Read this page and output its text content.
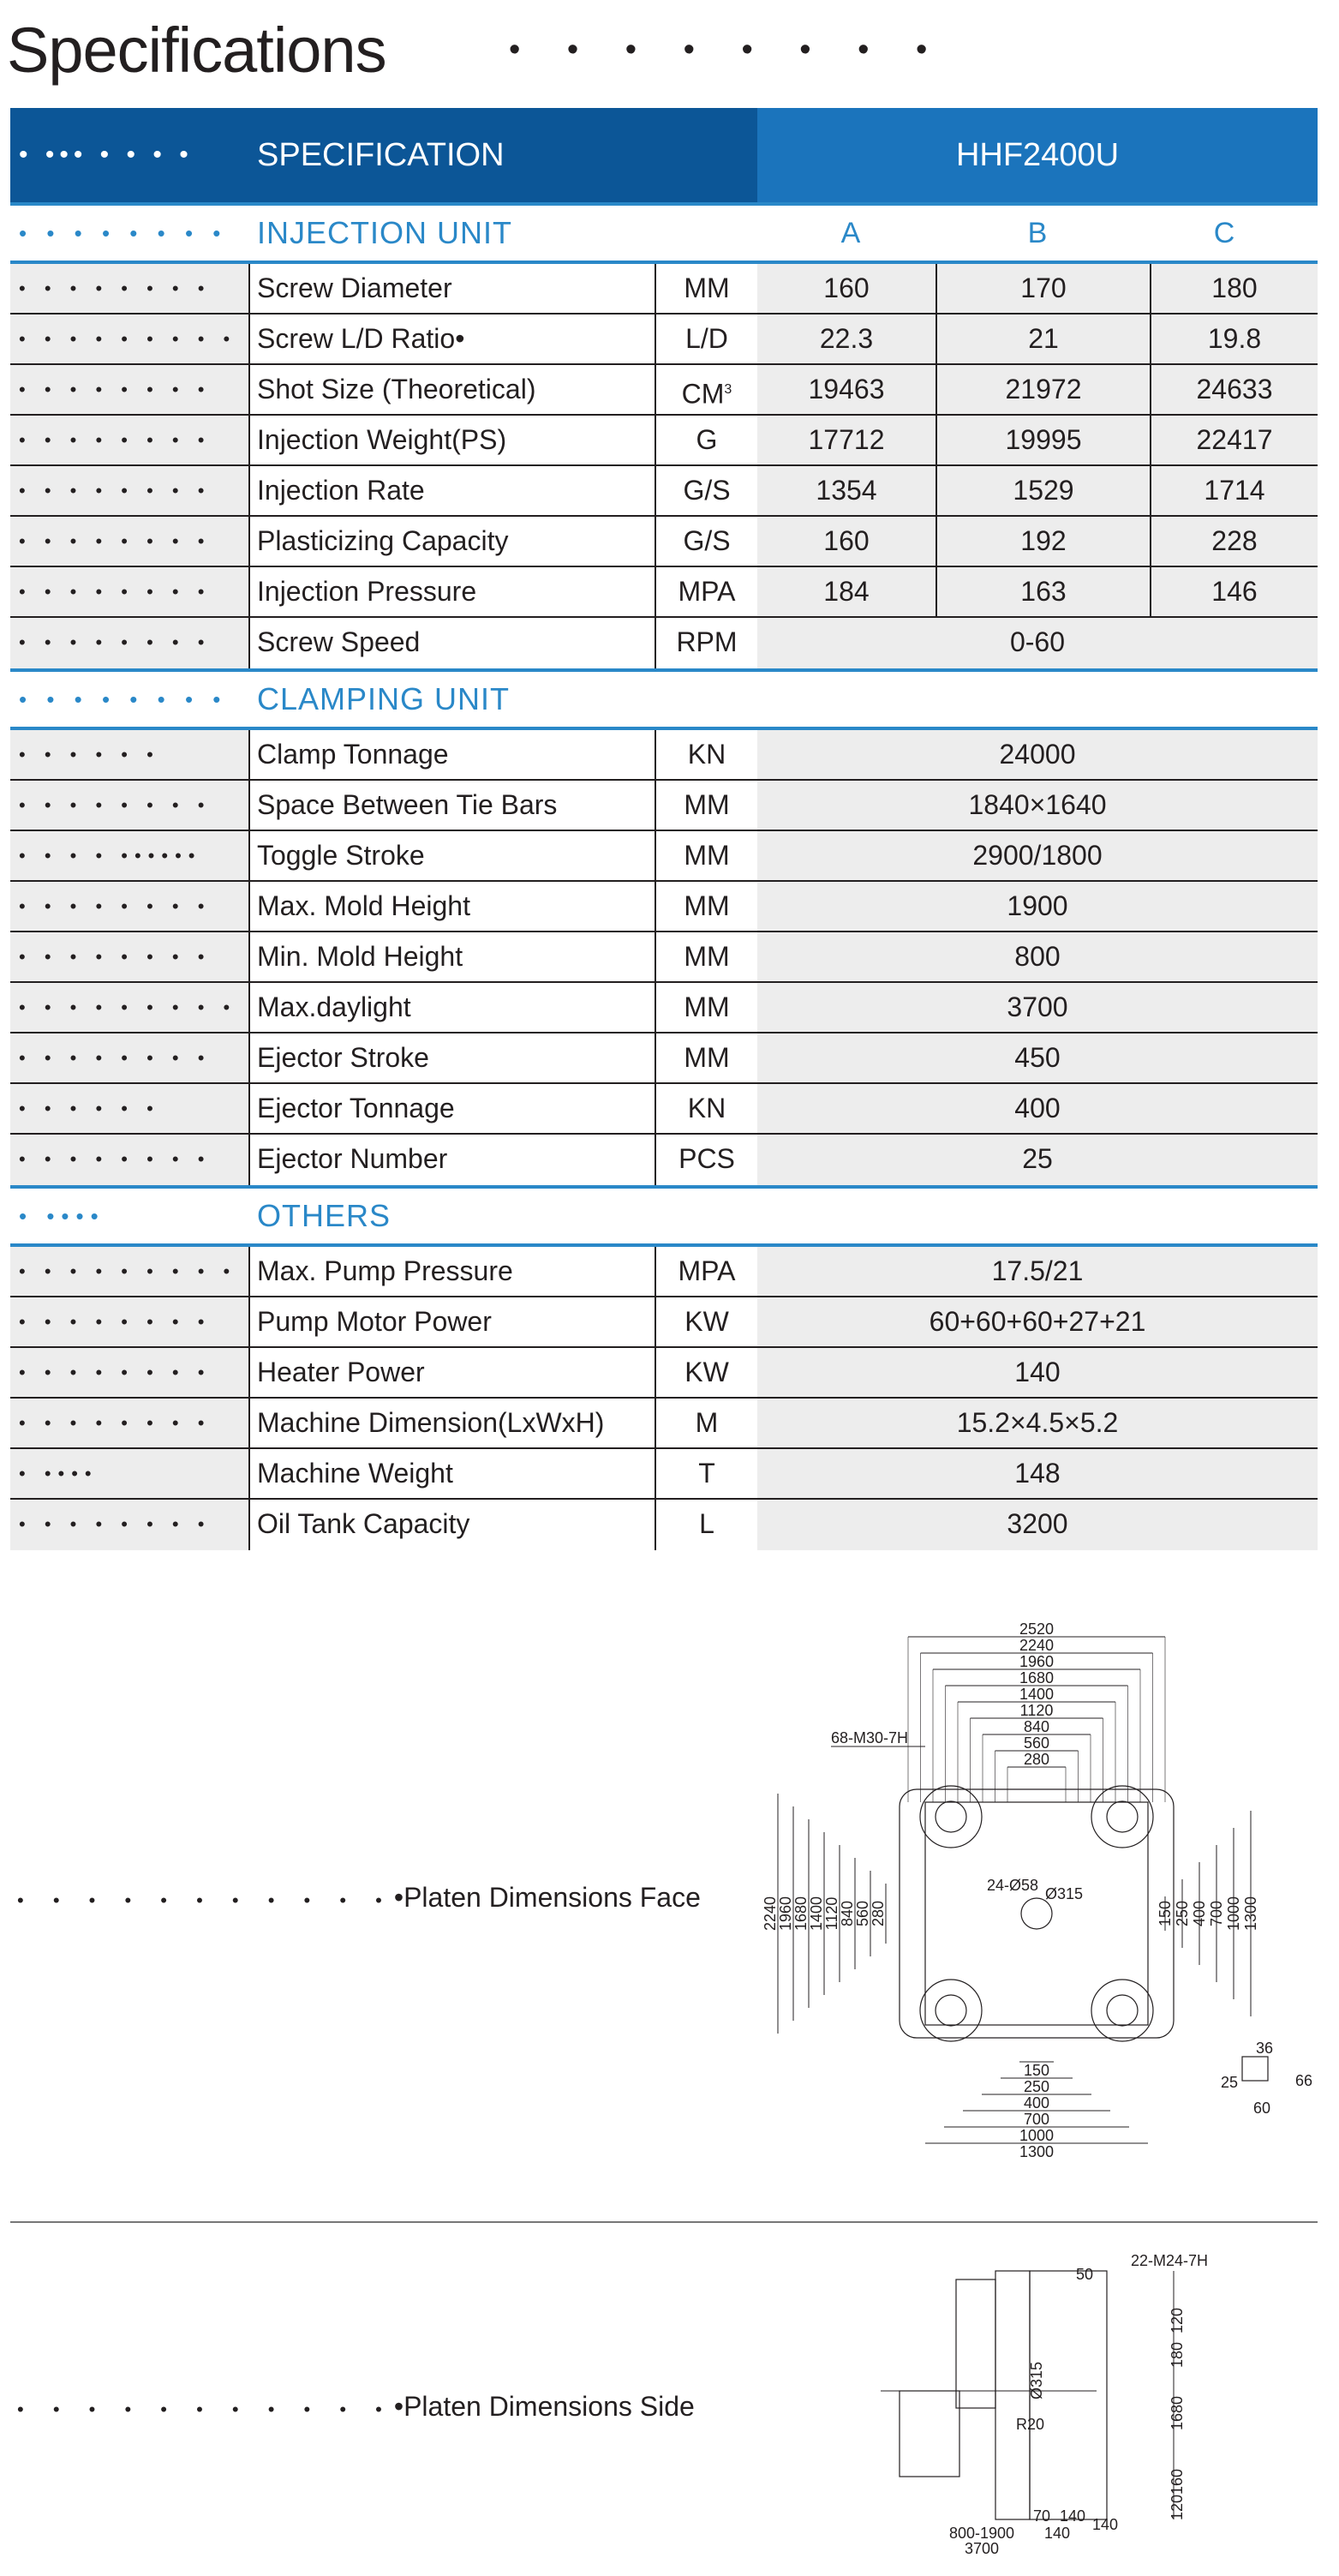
Specifications	• • • • • • • •
• ••• • • • •	SPECIFICATION	HHF2400U
• • • • • • • • INJECTION UNIT	A	B	C
• • • • • • • •	Screw Diameter	MM	160	170	180
• • • • • • • • • Screw L/D Ratio•	L/D	22.3	21	19.8
• • • • • • • •	Shot Size (Theoretical)	$CM^3$	19463	21972	24633
• • • • • • • •	Injection Weight(PS)	G	17712	19995	22417
• • • • • • • •	Injection Rate	G/S	1354	1529	1714
• • • • • • • •	Plasticizing Capacity	G/S	160	192	228
• • • • • • • •	Injection Pressure	MPA	184	163	146
• • • • • • • •	Screw Speed	RPM	0-60
• • • • • • • • CLAMPING UNIT
• • • • • •	Clamp Tonnage	KN	24000
• • • • • • • •	Space Between Tie Bars	MM	1840×1640
• • • • ••••••	Toggle Stroke	MM	2900/1800
• • • • • • • •	Max. Mold Height	MM	1900
• • • • • • • •	Min. Mold Height	MM	800
• • • • • • • • • Max.daylight	MM	3700
• • • • • • • •	Ejector Stroke	MM	450
• • • • • •	Ejector Tonnage	KN	400
• • • • • • • •	Ejector Number	PCS	25
• ••••	OTHERS
• • • • • • • • • Max. Pump Pressure	MPA	17.5/21
• • • • • • • •	Pump Motor Power	KW	60+60+60+27+21
• • • • • • • •	Heater Power	KW	140
• • • • • • • •	Machine Dimension(LxWxH)	M	15.2×4.5×5.2
• ••••	Machine Weight	T	148
• • • • • • • •	Oil Tank Capacity	L	3200
• • • • • • • • • • ••Platen Dimensions Face
2520
2240
1960
1680
1400
1120
840
560
280
2240
1960
1680
1400
1120
840
560
280	150 250 400 700 1000 1300
150
250
400
700
1000
1300
68-M30-7H
24-Ø58 Ø315
36
25
60
66
• • • • • • • • • • ••Platen Dimensions Side
22-M24-7H
50
Ø315
R20
120
180
1680
160
120
70 140 140
800-1900 140
3700
